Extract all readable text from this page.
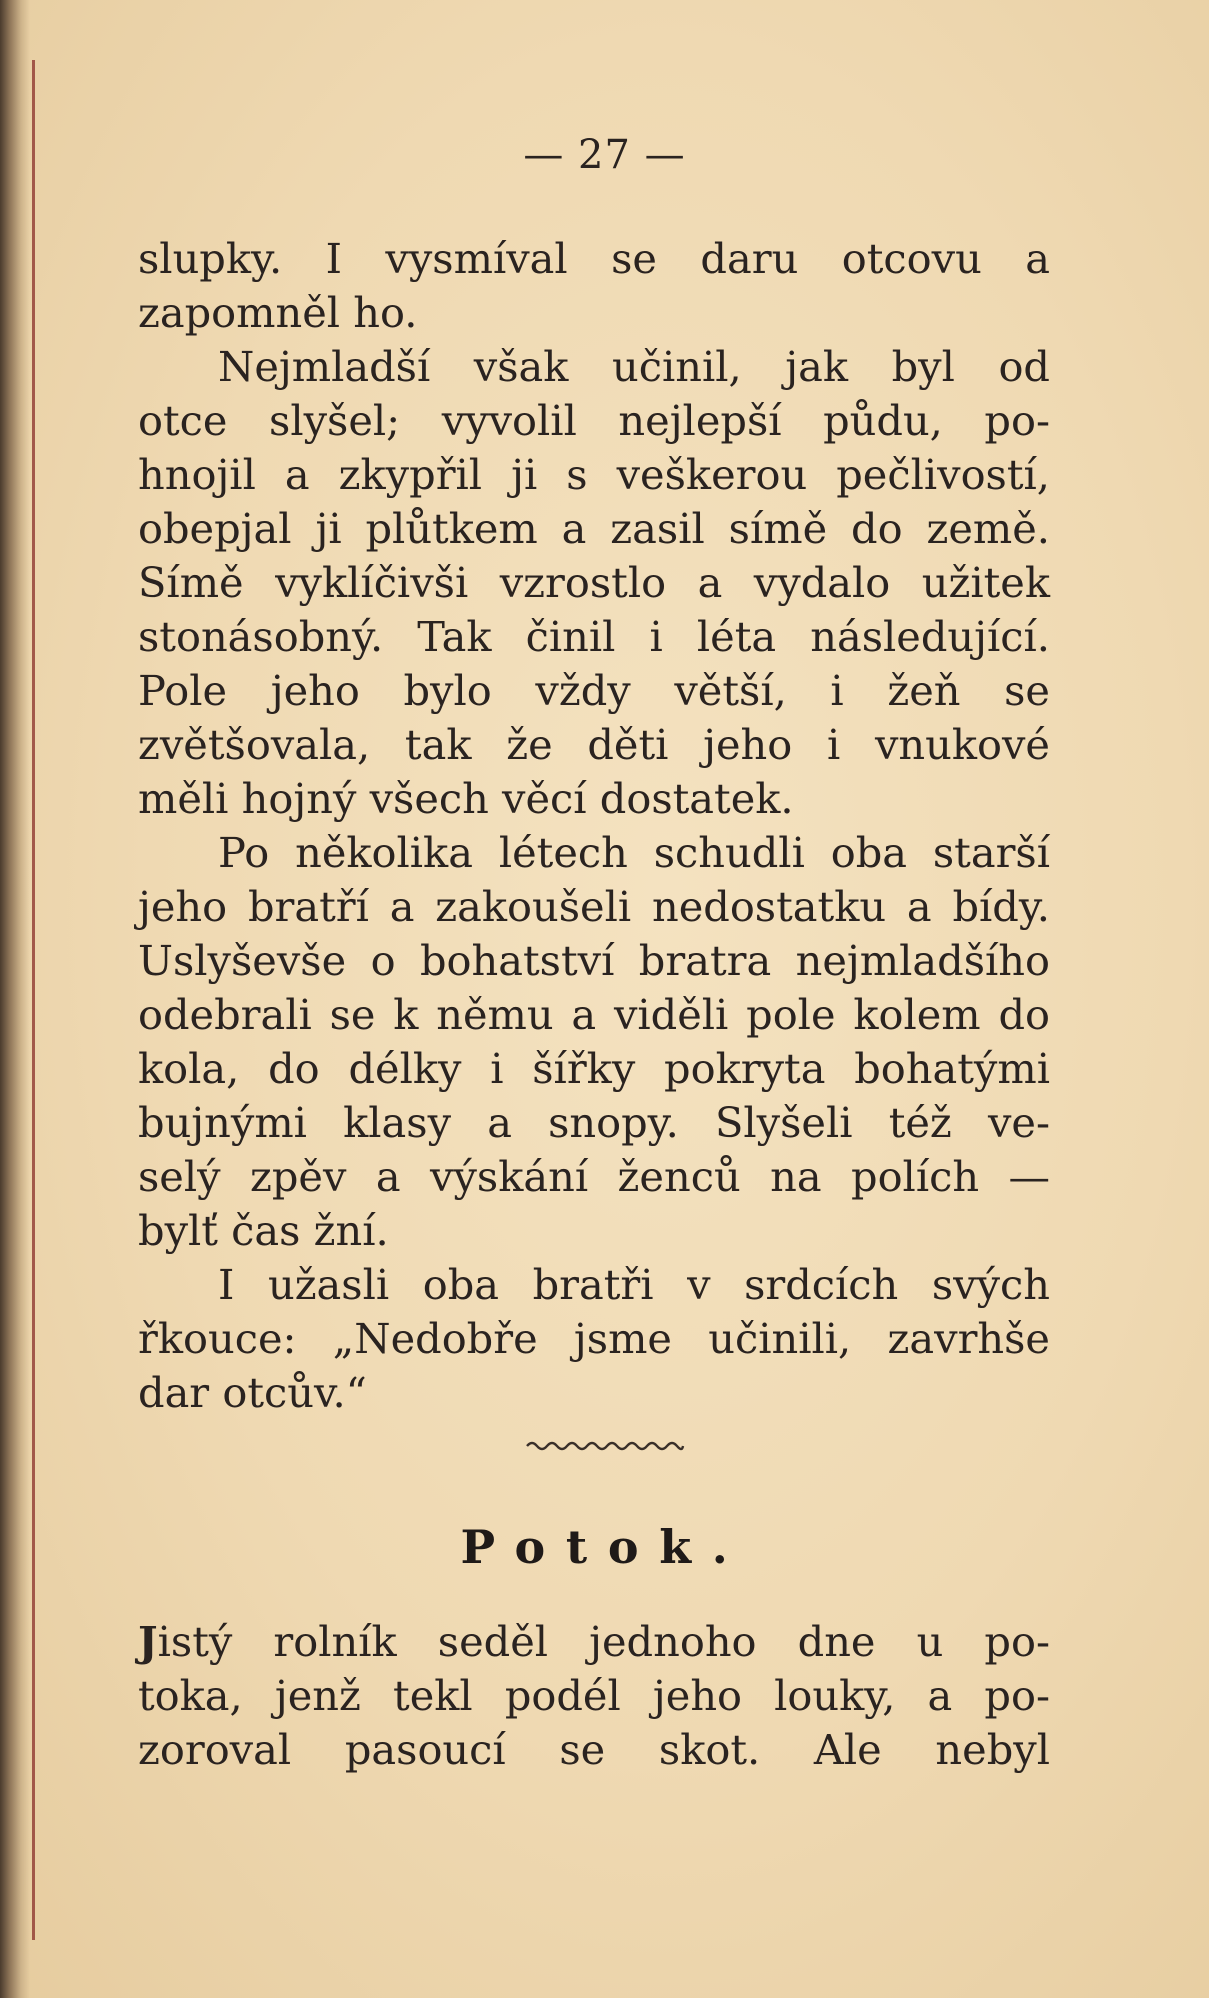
— 27 —
slupky. I vysmíval se daru otcovu a
zapomněl ho.
Nejmladší však učinil, jak byl od
otce slyšel; vyvolil nejlepší půdu, po-
hnojil a zkypřil ji s veškerou pečlivostí,
obepjal ji plůtkem a zasil símě do země.
Símě vyklíčivši vzrostlo a vydalo užitek
stonásobný. Tak činil i léta následující.
Pole jeho bylo vždy větší, i žeň se
zvětšovala, tak že děti jeho i vnukové
měli hojný všech věcí dostatek.
Po několika létech schudli oba starší
jeho bratří a zakoušeli nedostatku a bídy.
Uslyševše o bohatství bratra nejmladšího
odebrali se k němu a viděli pole kolem do
kola, do délky i šířky pokryta bohatými
bujnými klasy a snopy. Slyšeli též ve-
selý zpěv a výskání ženců na polích —
bylť čas žní.
I užasli oba bratři v srdcích svých
řkouce: „Nedobře jsme učinili, zavrhše
dar otcův.“
Potok.
Jistý rolník seděl jednoho dne u po-
toka, jenž tekl podél jeho louky, a po-
zoroval pasoucí se skot. Ale nebyl
